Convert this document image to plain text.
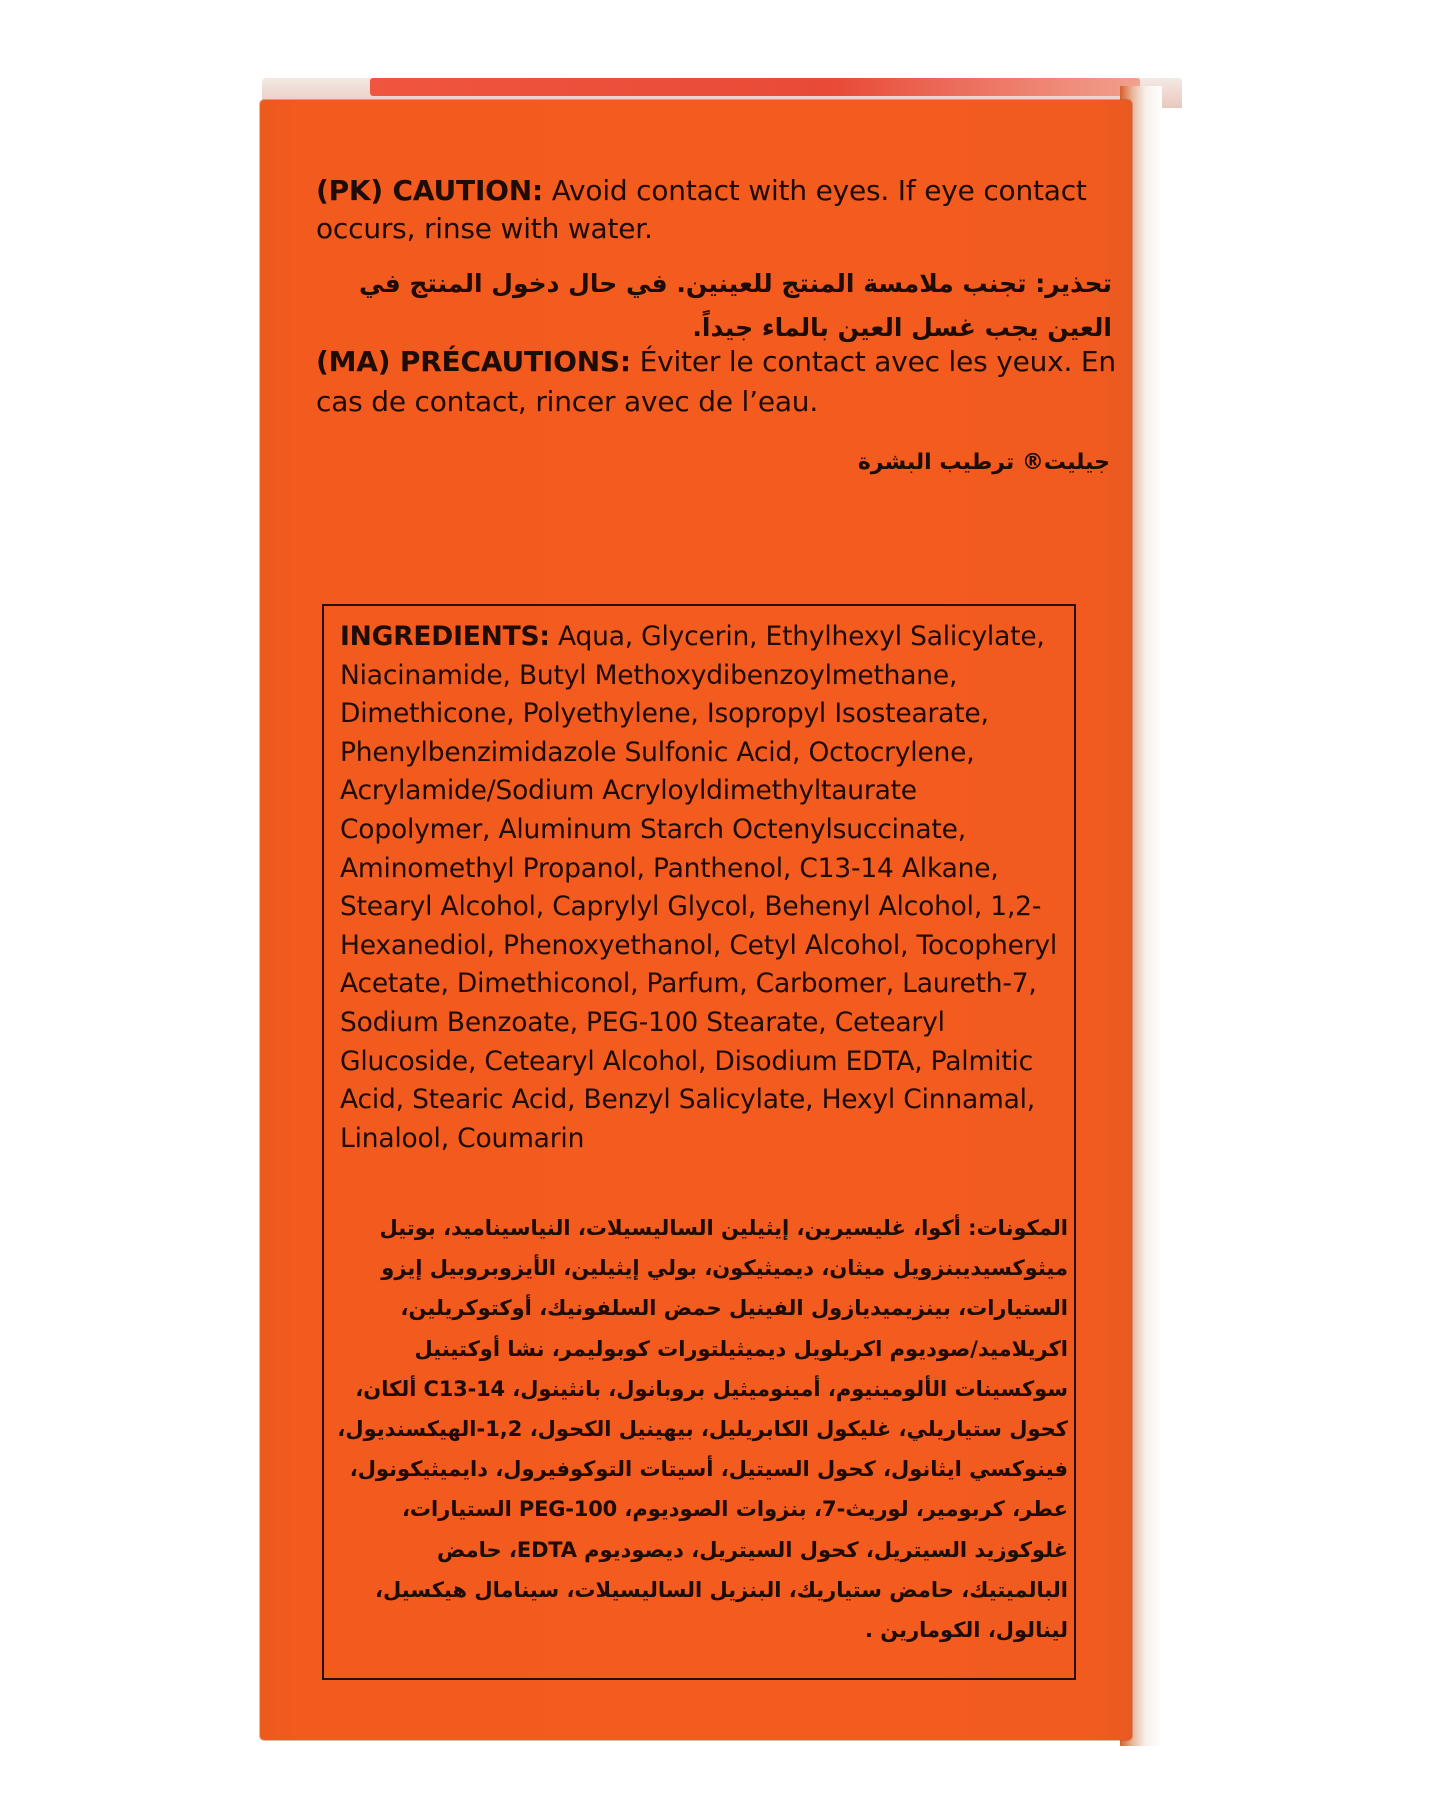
(PK) CAUTION: Avoid contact with eyes. If eye contact occurs, rinse with water.
تحذير: تجنب ملامسة المنتج للعينين. في حال دخول المنتج في العين يجب غسل العين بالماء جيداً.
(MA) PRÉCAUTIONS: Éviter le contact avec les yeux. En cas de contact, rincer avec de l’eau.
جيليت® ترطيب البشرة
INGREDIENTS: Aqua, Glycerin, Ethylhexyl Salicylate, Niacinamide, Butyl Methoxydibenzoylmethane, Dimethicone, Polyethylene, Isopropyl Isostearate, Phenylbenzimidazole Sulfonic Acid, Octocrylene, Acrylamide/Sodium Acryloyldimethyltaurate Copolymer, Aluminum Starch Octenylsuccinate, Aminomethyl Propanol, Panthenol, C13-14 Alkane, Stearyl Alcohol, Caprylyl Glycol, Behenyl Alcohol, 1,2-Hexanediol, Phenoxyethanol, Cetyl Alcohol, Tocopheryl Acetate, Dimethiconol, Parfum, Carbomer, Laureth-7, Sodium Benzoate, PEG-100 Stearate, Cetearyl Glucoside, Cetearyl Alcohol, Disodium EDTA, Palmitic Acid, Stearic Acid, Benzyl Salicylate, Hexyl Cinnamal, Linalool, Coumarin
المكونات: أكوا، غليسيرين، إيثيلين الساليسيلات، النياسيناميد، بوتيل ميثوكسيديبنزويل ميثان، ديميثيكون، بولي إيثيلين، الأيزوبروبيل إيزو الستيارات، بينزيميديازول الفينيل حمض السلفونيك، أوكتوكريلين، اكريلاميد/صوديوم اكريلويل ديميثيلتورات كوبوليمر، نشا أوكتينيل سوكسينات الألومينيوم، أمينوميثيل بروبانول، بانثينول، C13-14 ألكان، كحول ستياريلي، غليكول الكابريليل، بيهينيل الكحول، 1,2-الهيكسنديول، فينوكسي ايثانول، كحول السيتيل، أسيتات التوكوفيرول، دايميثيكونول، عطر، كربومير، لوريث-7، بنزوات الصوديوم، PEG-100 الستيارات، غلوكوزيد السيتريل، كحول السيتريل، ديصوديوم EDTA، حامض البالميتيك، حامض ستياريك، البنزيل الساليسيلات، سينامال هيكسيل، لينالول، الكومارين .
